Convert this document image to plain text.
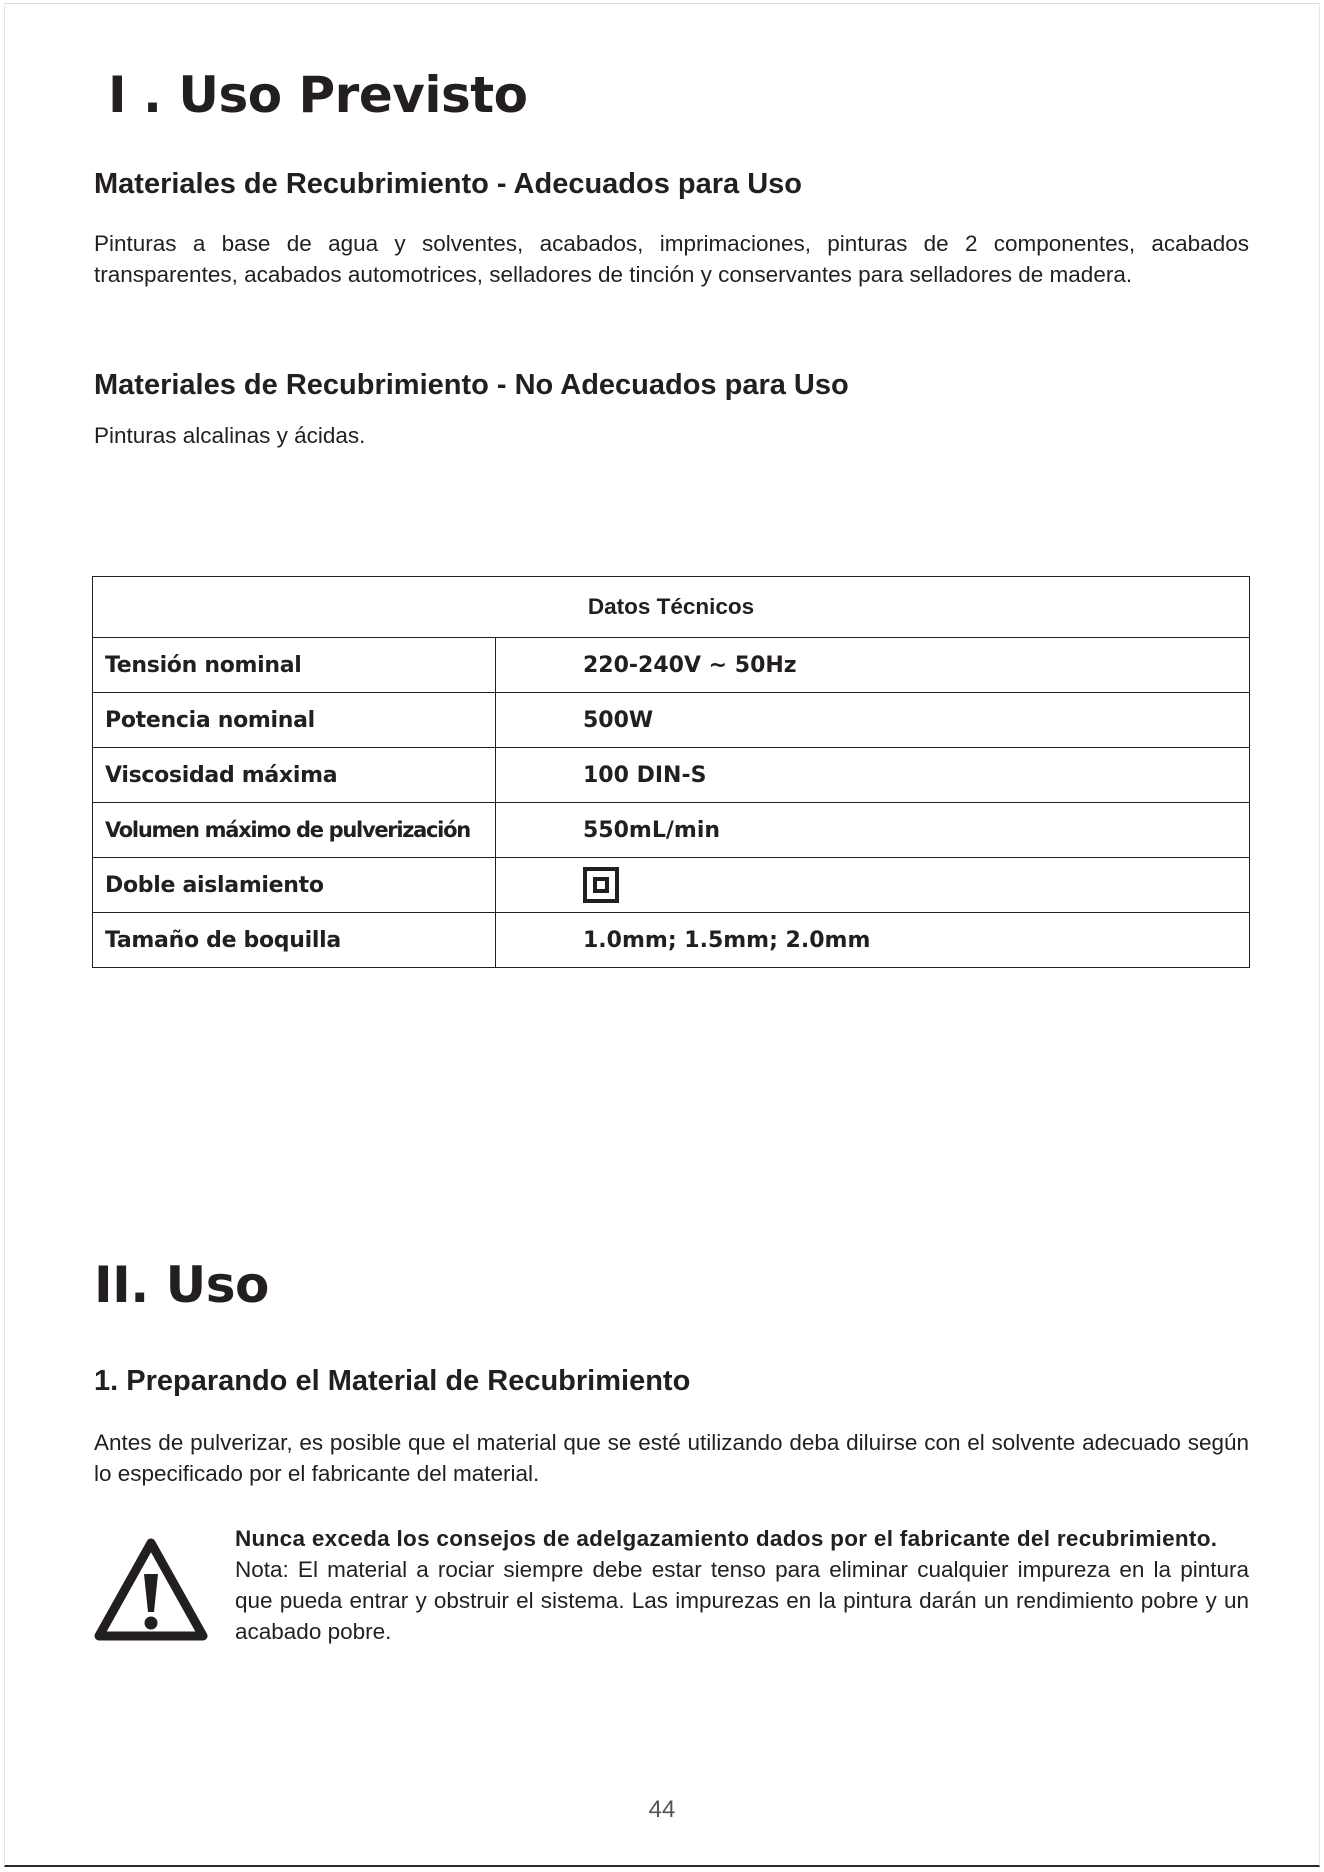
Ⅰ . Uso Previsto
Materiales de Recubrimiento - Adecuados para Uso

Pinturas a base de agua y solventes, acabados, imprimaciones, pinturas de 2 componentes, acabados transparentes, acabados automotrices, selladores de tinción y conservantes para selladores de madera.

Materiales de Recubrimiento - No Adecuados para Uso

Pinturas alcalinas y ácidas.

Datos Técnicos	
Tensión nominal	220-240V ~ 50Hz
Potencia nominal	500W
Viscosidad máxima	100 DIN-S
Volumen máximo de pulverización	550mL/min
Doble aislamiento	
Tamaño de boquilla	1.0mm; 1.5mm; 2.0mm
II. Uso
1. Preparando el Material de Recubrimiento

Antes de pulverizar, es posible que el material que se esté utilizando deba diluirse con el solvente adecuado según lo especificado por el fabricante del material.

Nunca exceda los consejos de adelgazamiento dados por el fabricante del recubrimiento.
Nota: El material a rociar siempre debe estar tenso para eliminar cualquier impureza en la pintura que pueda entrar y obstruir el sistema. Las impurezas en la pintura darán un rendimiento pobre y un acabado pobre.
44
